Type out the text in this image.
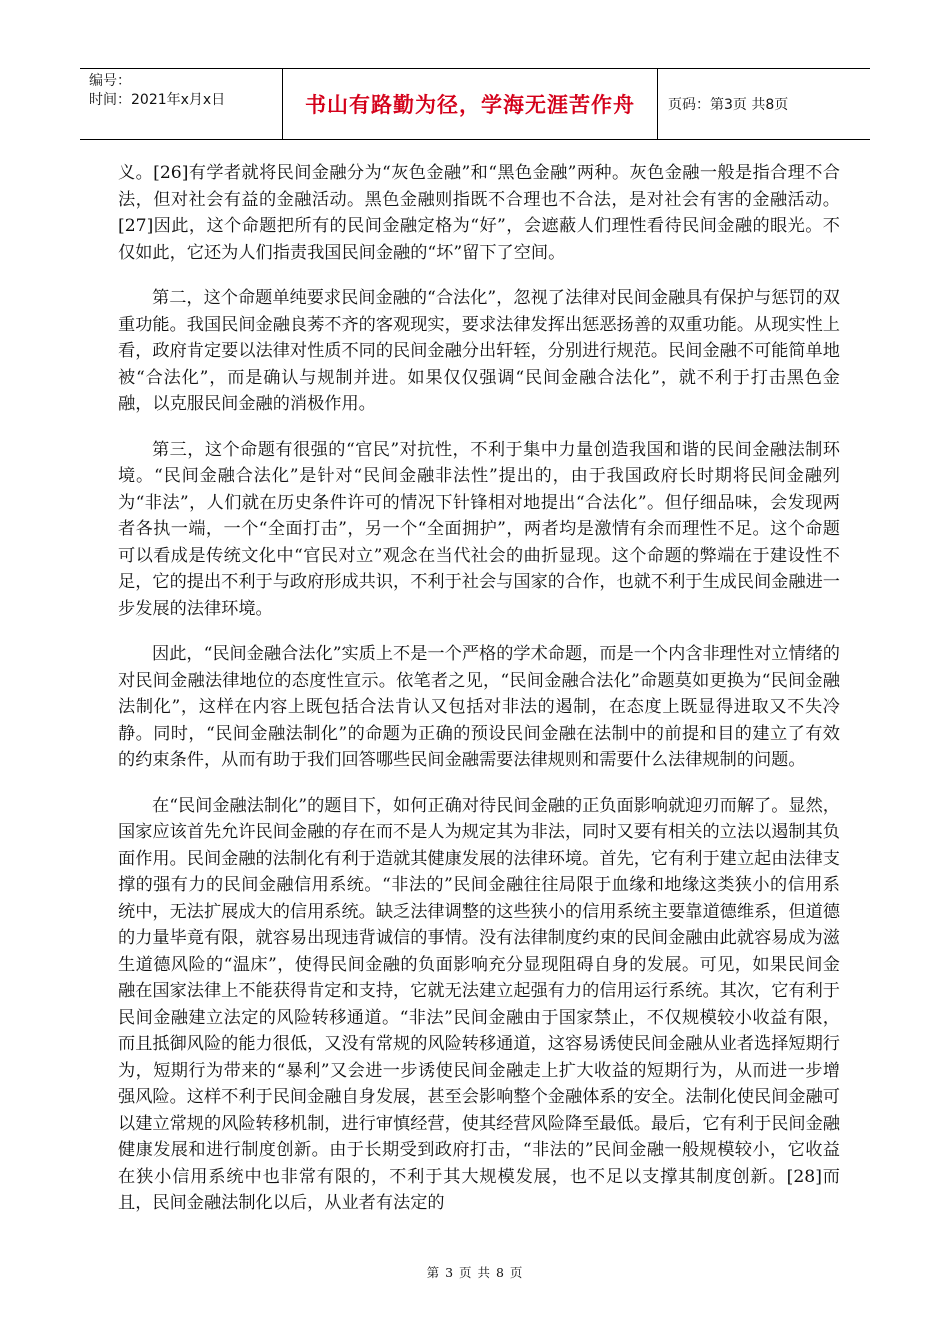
编号：
时间：2021年x月x日	书山有路勤为径，学海无涯苦作舟	页码：第3页 共8页

义。[26]有学者就将民间金融分为“灰色金融”和“黑色金融”两种。灰色金融一般是指合理不合法，但对社会有益的金融活动。黑色金融则指既不合理也不合法，是对社会有害的金融活动。[27]因此，这个命题把所有的民间金融定格为“好”，会遮蔽人们理性看待民间金融的眼光。不仅如此，它还为人们指责我国民间金融的“坏”留下了空间。

第二，这个命题单纯要求民间金融的“合法化”，忽视了法律对民间金融具有保护与惩罚的双重功能。我国民间金融良莠不齐的客观现实，要求法律发挥出惩恶扬善的双重功能。从现实性上看，政府肯定要以法律对性质不同的民间金融分出轩轾，分别进行规范。民间金融不可能简单地被“合法化”，而是确认与规制并进。如果仅仅强调“民间金融合法化”，就不利于打击黑色金融，以克服民间金融的消极作用。

第三，这个命题有很强的“官民”对抗性，不利于集中力量创造我国和谐的民间金融法制环境。“民间金融合法化”是针对“民间金融非法性”提出的，由于我国政府长时期将民间金融列为“非法”，人们就在历史条件许可的情况下针锋相对地提出“合法化”。但仔细品味，会发现两者各执一端，一个“全面打击”，另一个“全面拥护”，两者均是激情有余而理性不足。这个命题可以看成是传统文化中“官民对立”观念在当代社会的曲折显现。这个命题的弊端在于建设性不足，它的提出不利于与政府形成共识，不利于社会与国家的合作，也就不利于生成民间金融进一步发展的法律环境。

因此，“民间金融合法化”实质上不是一个严格的学术命题，而是一个内含非理性对立情绪的对民间金融法律地位的态度性宣示。依笔者之见，“民间金融合法化”命题莫如更换为“民间金融法制化”，这样在内容上既包括合法肯认又包括对非法的遏制，在态度上既显得进取又不失冷静。同时，“民间金融法制化”的命题为正确的预设民间金融在法制中的前提和目的建立了有效的约束条件，从而有助于我们回答哪些民间金融需要法律规则和需要什么法律规制的问题。

在“民间金融法制化”的题目下，如何正确对待民间金融的正负面影响就迎刃而解了。显然，国家应该首先允许民间金融的存在而不是人为规定其为非法，同时又要有相关的立法以遏制其负面作用。民间金融的法制化有利于造就其健康发展的法律环境。首先，它有利于建立起由法律支撑的强有力的民间金融信用系统。“非法的”民间金融往往局限于血缘和地缘这类狭小的信用系统中，无法扩展成大的信用系统。缺乏法律调整的这些狭小的信用系统主要靠道德维系，但道德的力量毕竟有限，就容易出现违背诚信的事情。没有法律制度约束的民间金融由此就容易成为滋生道德风险的“温床”，使得民间金融的负面影响充分显现阻碍自身的发展。可见，如果民间金融在国家法律上不能获得肯定和支持，它就无法建立起强有力的信用运行系统。其次，它有利于民间金融建立法定的风险转移通道。“非法”民间金融由于国家禁止，不仅规模较小收益有限，而且抵御风险的能力很低，又没有常规的风险转移通道，这容易诱使民间金融从业者选择短期行为，短期行为带来的“暴利”又会进一步诱使民间金融走上扩大收益的短期行为，从而进一步增强风险。这样不利于民间金融自身发展，甚至会影响整个金融体系的安全。法制化使民间金融可以建立常规的风险转移机制，进行审慎经营，使其经营风险降至最低。最后，它有利于民间金融健康发展和进行制度创新。由于长期受到政府打击，“非法的”民间金融一般规模较小，它收益在狭小信用系统中也非常有限的，不利于其大规模发展，也不足以支撑其制度创新。[28]而且，民间金融法制化以后，从业者有法定的

第 3 页 共 8 页
